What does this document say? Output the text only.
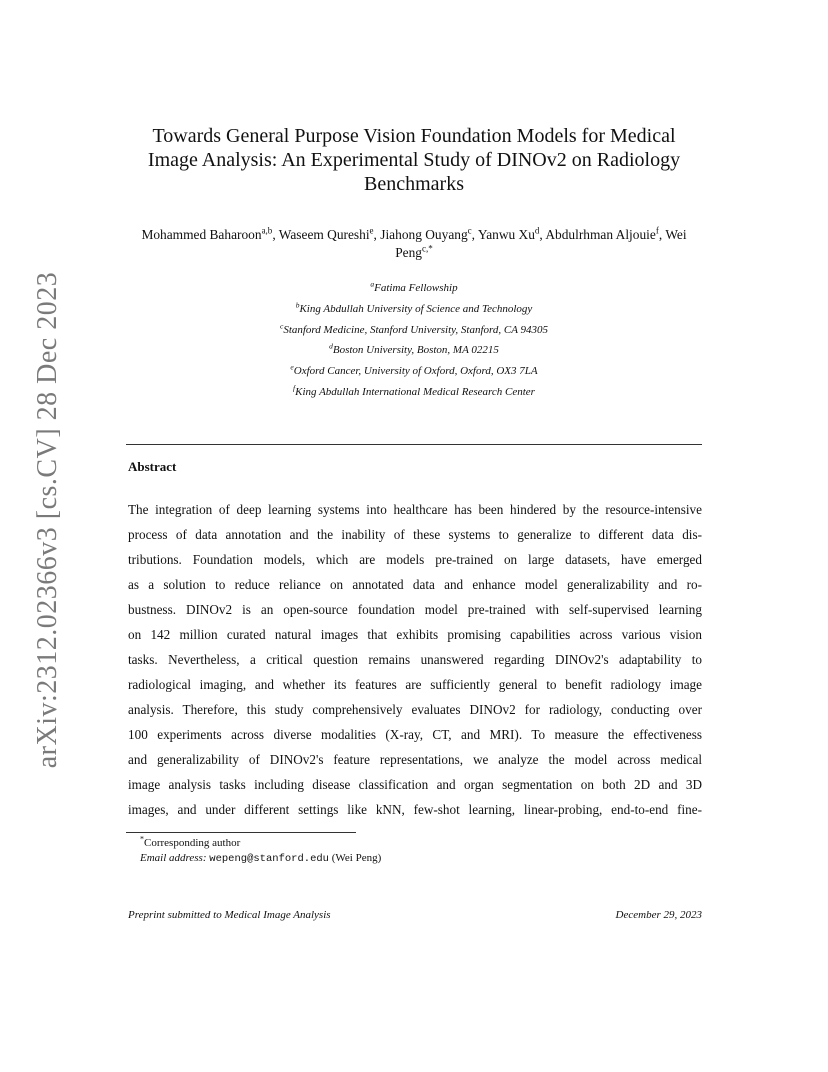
arXiv:2312.02366v3 [cs.CV] 28 Dec 2023
Towards General Purpose Vision Foundation Models for Medical
Image Analysis: An Experimental Study of DINOv2 on Radiology
Benchmarks
Mohammed Baharoon$^{a,b}$, Waseem Qureshi$^e$, Jiahong Ouyang$^c$, Yanwu Xu$^d$, Abdulrhman Aljouie$^f$, Wei Peng$^{c,*}$
$^a$Fatima Fellowship
$^b$King Abdullah University of Science and Technology
$^c$Stanford Medicine, Stanford University, Stanford, CA 94305
$^d$Boston University, Boston, MA 02215
$^e$Oxford Cancer, University of Oxford, Oxford, OX3 7LA
$^f$King Abdullah International Medical Research Center
Abstract
The integration of deep learning systems into healthcare has been hindered by the resource-intensive
process of data annotation and the inability of these systems to generalize to different data dis-
tributions. Foundation models, which are models pre-trained on large datasets, have emerged
as a solution to reduce reliance on annotated data and enhance model generalizability and ro-
bustness. DINOv2 is an open-source foundation model pre-trained with self-supervised learning
on 142 million curated natural images that exhibits promising capabilities across various vision
tasks. Nevertheless, a critical question remains unanswered regarding DINOv2's adaptability to
radiological imaging, and whether its features are sufficiently general to benefit radiology image
analysis. Therefore, this study comprehensively evaluates DINOv2 for radiology, conducting over
100 experiments across diverse modalities (X-ray, CT, and MRI). To measure the effectiveness
and generalizability of DINOv2's feature representations, we analyze the model across medical
image analysis tasks including disease classification and organ segmentation on both 2D and 3D
images, and under different settings like kNN, few-shot learning, linear-probing, end-to-end fine-
*Corresponding author
Email address: wepeng@stanford.edu (Wei Peng)
Preprint submitted to Medical Image Analysis	December 29, 2023
